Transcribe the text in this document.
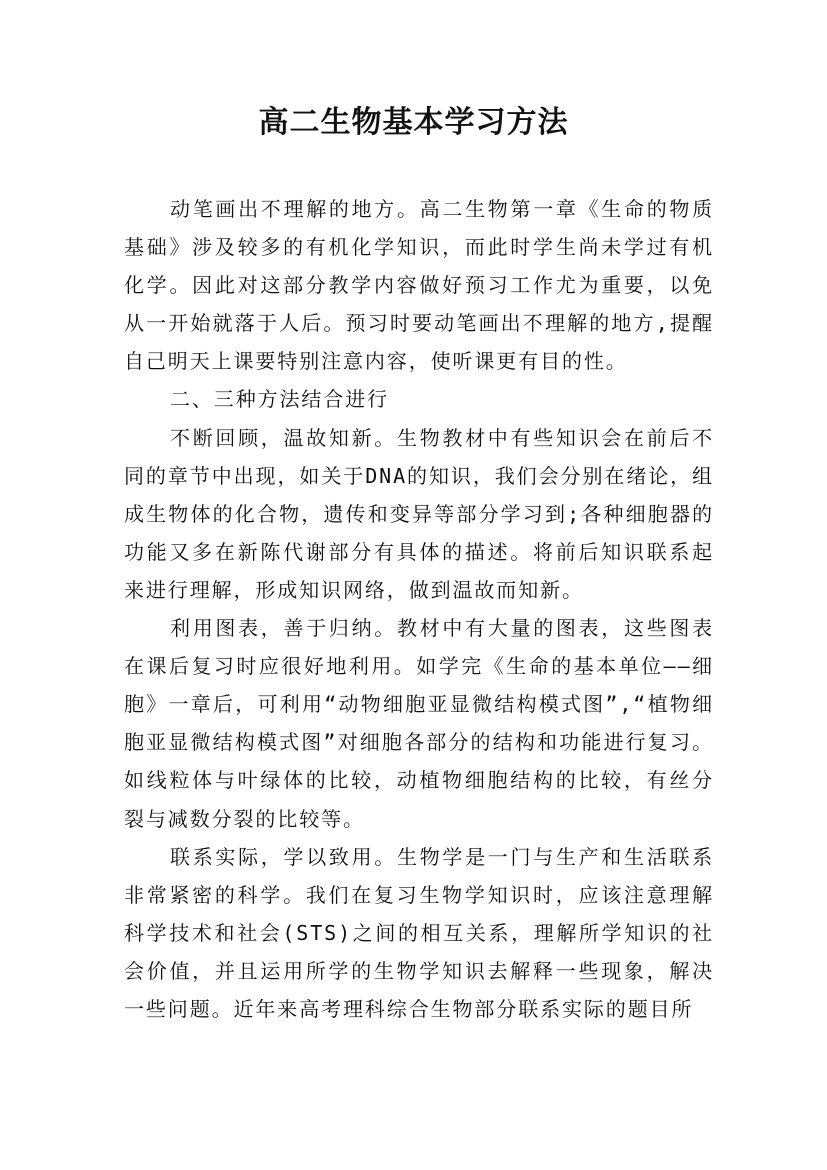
高二生物基本学习方法

动笔画出不理解的地方。高二生物第一章《生命的物质基础》涉及较多的有机化学知识，而此时学生尚未学过有机化学。因此对这部分教学内容做好预习工作尤为重要，以免从一开始就落于人后。预习时要动笔画出不理解的地方,提醒自己明天上课要特别注意内容，使听课更有目的性。

二、三种方法结合进行

不断回顾，温故知新。生物教材中有些知识会在前后不同的章节中出现，如关于DNA的知识，我们会分别在绪论，组成生物体的化合物，遗传和变异等部分学习到;各种细胞器的功能又多在新陈代谢部分有具体的描述。将前后知识联系起来进行理解，形成知识网络，做到温故而知新。

利用图表，善于归纳。教材中有大量的图表，这些图表在课后复习时应很好地利用。如学完《生命的基本单位——细胞》一章后，可利用“动物细胞亚显微结构模式图”,“植物细胞亚显微结构模式图”对细胞各部分的结构和功能进行复习。如线粒体与叶绿体的比较，动植物细胞结构的比较，有丝分裂与减数分裂的比较等。

联系实际，学以致用。生物学是一门与生产和生活联系非常紧密的科学。我们在复习生物学知识时，应该注意理解科学技术和社会(STS)之间的相互关系，理解所学知识的社会价值，并且运用所学的生物学知识去解释一些现象，解决一些问题。近年来高考理科综合生物部分联系实际的题目所
